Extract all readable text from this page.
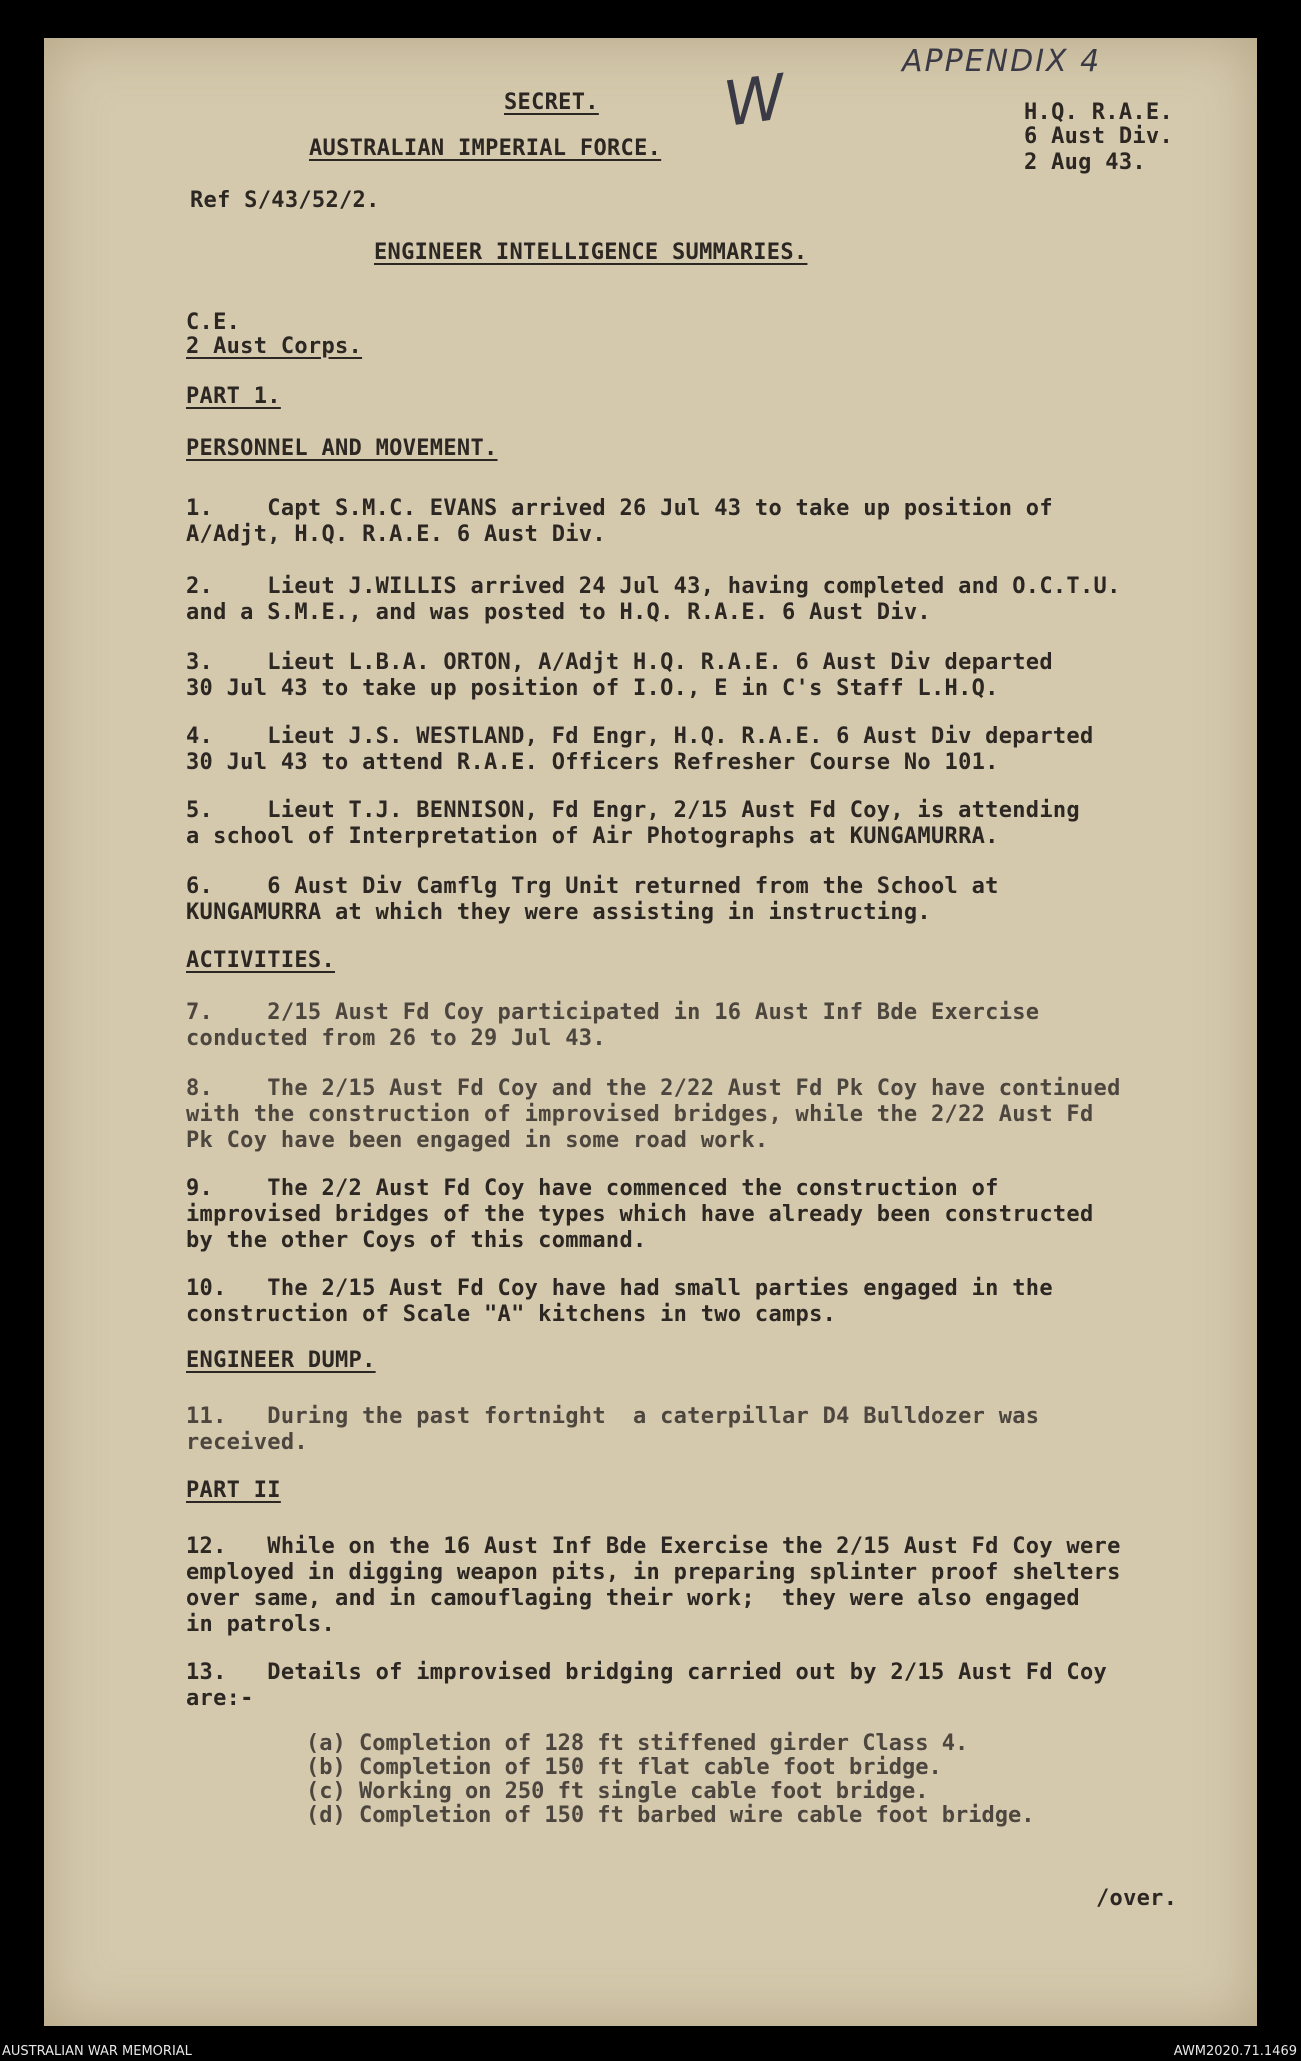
APPENDIX 4
W
SECRET.
AUSTRALIAN IMPERIAL FORCE.
H.Q. R.A.E.
6 Aust Div.
2 Aug 43.
Ref S/43/52/2.
ENGINEER INTELLIGENCE SUMMARIES.
C.E.
2 Aust Corps.
PART 1.
PERSONNEL AND MOVEMENT.

1.    Capt S.M.C. EVANS arrived 26 Jul 43 to take up position of

A/Adjt, H.Q. R.A.E. 6 Aust Div.

2.    Lieut J.WILLIS arrived 24 Jul 43, having completed and O.C.T.U.

and a S.M.E., and was posted to H.Q. R.A.E. 6 Aust Div.

3.    Lieut L.B.A. ORTON, A/Adjt H.Q. R.A.E. 6 Aust Div departed

30 Jul 43 to take up position of I.O., E in C's Staff L.H.Q.

4.    Lieut J.S. WESTLAND, Fd Engr, H.Q. R.A.E. 6 Aust Div departed

30 Jul 43 to attend R.A.E. Officers Refresher Course No 101.

5.    Lieut T.J. BENNISON, Fd Engr, 2/15 Aust Fd Coy, is attending

a school of Interpretation of Air Photographs at KUNGAMURRA.

6.    6 Aust Div Camflg Trg Unit returned from the School at

KUNGAMURRA at which they were assisting in instructing.

ACTIVITIES.

7.    2/15 Aust Fd Coy participated in 16 Aust Inf Bde Exercise

conducted from 26 to 29 Jul 43.

8.    The 2/15 Aust Fd Coy and the 2/22 Aust Fd Pk Coy have continued

with the construction of improvised bridges, while the 2/22 Aust Fd

Pk Coy have been engaged in some road work.

9.    The 2/2 Aust Fd Coy have commenced the construction of

improvised bridges of the types which have already been constructed

by the other Coys of this command.

10.   The 2/15 Aust Fd Coy have had small parties engaged in the

construction of Scale "A" kitchens in two camps.

ENGINEER DUMP.

11.   During the past fortnight  a caterpillar D4 Bulldozer was

received.

PART II

12.   While on the 16 Aust Inf Bde Exercise the 2/15 Aust Fd Coy were

employed in digging weapon pits, in preparing splinter proof shelters

over same, and in camouflaging their work;  they were also engaged

in patrols.

13.   Details of improvised bridging carried out by 2/15 Aust Fd Coy

are:-

(a) Completion of 128 ft stiffened girder Class 4.

(b) Completion of 150 ft flat cable foot bridge.

(c) Working on 250 ft single cable foot bridge.

(d) Completion of 150 ft barbed wire cable foot bridge.

/over.
AUSTRALIAN WAR MEMORIAL	AWM2020.71.1469
